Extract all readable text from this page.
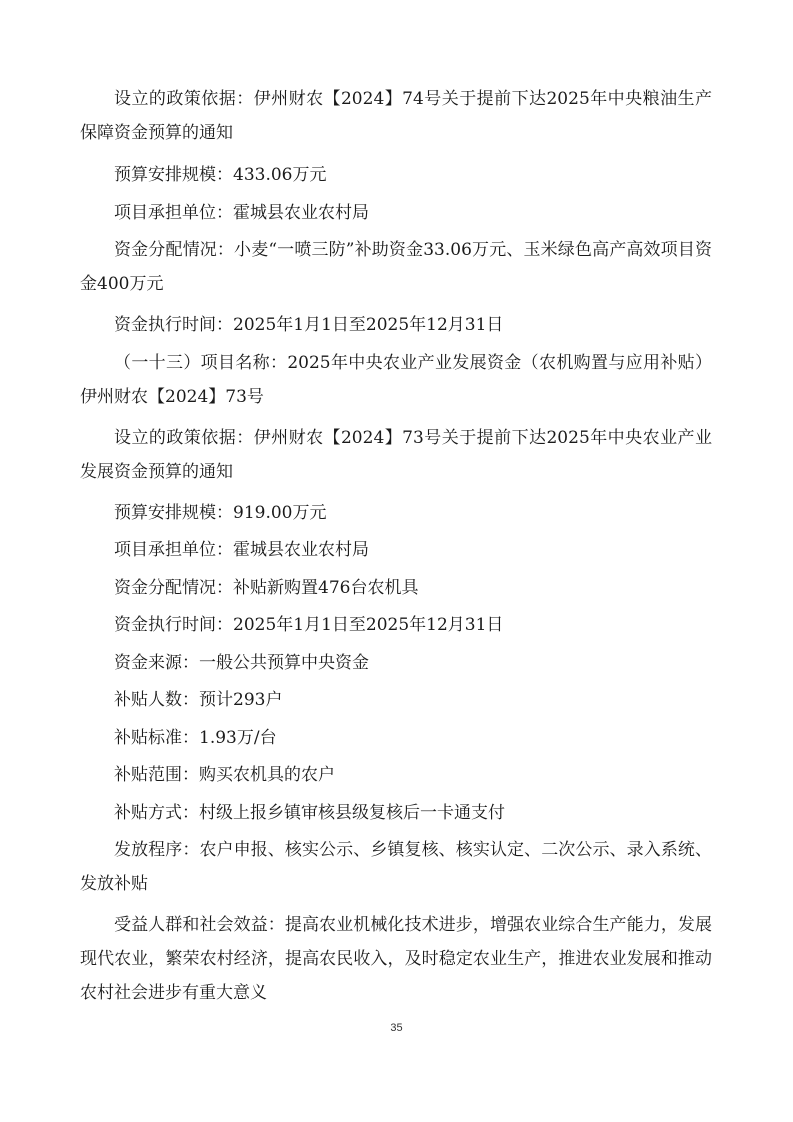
设立的政策依据：伊州财农【2024】74号关于提前下达2025年中央粮油生产保障资金预算的通知

预算安排规模：433.06万元

项目承担单位：霍城县农业农村局

资金分配情况：小麦“一喷三防”补助资金33.06万元、玉米绿色高产高效项目资金400万元

资金执行时间：2025年1月1日至2025年12月31日

（一十三）项目名称：2025年中央农业产业发展资金（农机购置与应用补贴）伊州财农【2024】73号

设立的政策依据：伊州财农【2024】73号关于提前下达2025年中央农业产业发展资金预算的通知

预算安排规模：919.00万元

项目承担单位：霍城县农业农村局

资金分配情况：补贴新购置476台农机具

资金执行时间：2025年1月1日至2025年12月31日

资金来源：一般公共预算中央资金

补贴人数：预计293户

补贴标准：1.93万/台

补贴范围：购买农机具的农户

补贴方式：村级上报乡镇审核县级复核后一卡通支付

发放程序：农户申报、核实公示、乡镇复核、核实认定、二次公示、录入系统、发放补贴

受益人群和社会效益：提高农业机械化技术进步，增强农业综合生产能力，发展现代农业，繁荣农村经济，提高农民收入，及时稳定农业生产，推进农业发展和推动农村社会进步有重大意义

35
